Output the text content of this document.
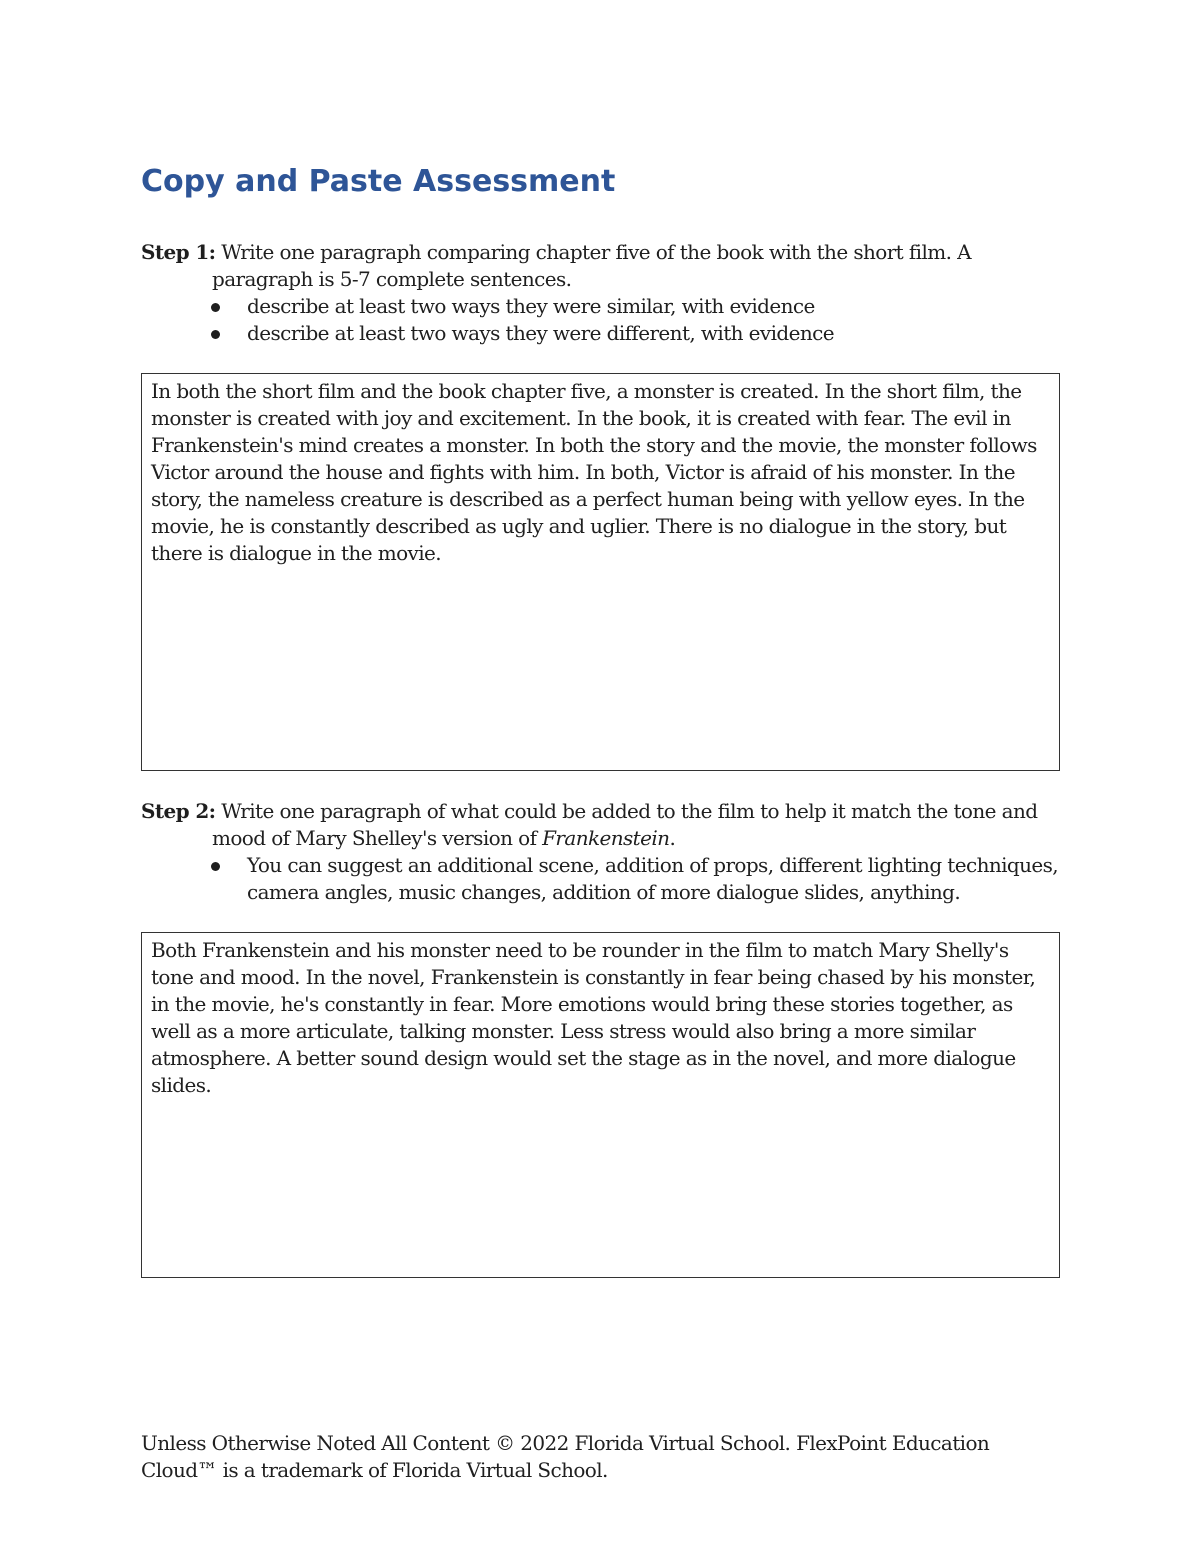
Copy and Paste Assessment

Step 1: Write one paragraph comparing chapter five of the book with the short film. A paragraph is 5-7 complete sentences.

describe at least two ways they were similar, with evidence
describe at least two ways they were different, with evidence

In both the short film and the book chapter five, a monster is created. In the short film, the monster is created with joy and excitement. In the book, it is created with fear. The evil in Frankenstein's mind creates a monster. In both the story and the movie, the monster follows Victor around the house and fights with him. In both, Victor is afraid of his monster. In the story, the nameless creature is described as a perfect human being with yellow eyes. In the movie, he is constantly described as ugly and uglier. There is no dialogue in the story, but there is dialogue in the movie.

Step 2: Write one paragraph of what could be added to the film to help it match the tone and mood of Mary Shelley's version of Frankenstein.

You can suggest an additional scene, addition of props, different lighting techniques, camera angles, music changes, addition of more dialogue slides, anything.

Both Frankenstein and his monster need to be rounder in the film to match Mary Shelly's tone and mood. In the novel, Frankenstein is constantly in fear being chased by his monster, in the movie, he's constantly in fear. More emotions would bring these stories together, as well as a more articulate, talking monster. Less stress would also bring a more similar atmosphere. A better sound design would set the stage as in the novel, and more dialogue slides.

Unless Otherwise Noted All Content © 2022 Florida Virtual School. FlexPoint Education Cloud™ is a trademark of Florida Virtual School.
